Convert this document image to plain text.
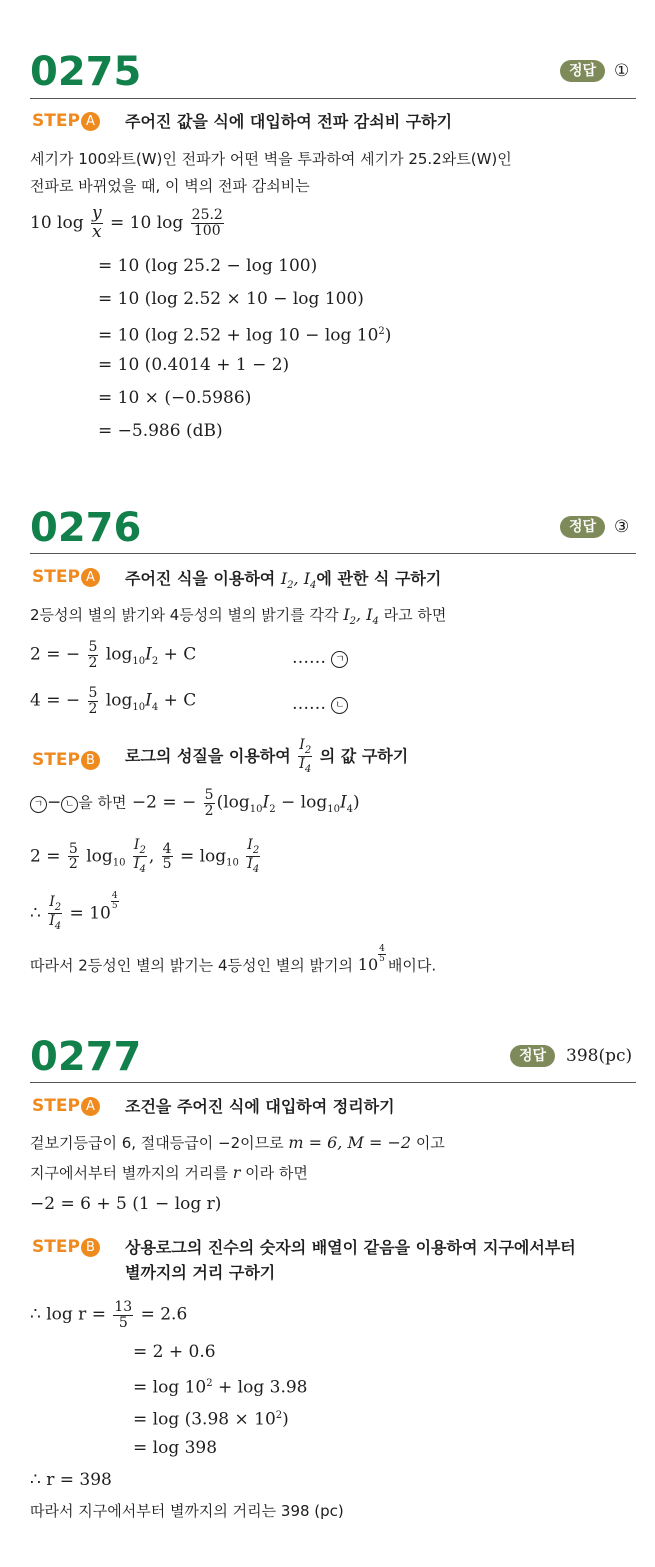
0275	정답	①
STEP A	주어진 값을 식에 대입하여 전파 감쇠비 구하기
세기가 100와트(W)인 전파가 어떤 벽을 투과하여 세기가 25.2와트(W)인
전파로 바뀌었을 때, 이 벽의 전파 감쇠비는
10 $\log \frac{y}{x} = 10$ $\log \frac{25.2}{100}$
= 10 (log 25.2 − log 100)
= 10 (log 2.52 × 10 − log 100)
= 10 (log $2.52 + \log 10 - \log 10^2$)
= 10 (0.4014 + 1 − 2)
= 10 × (−0.5986)
= −5.986 (dB)
0276	정답	③
STEP A	주어진 식을 이용하여 $I_2$, $I_4$에 관한 식 구하기
2등성의 별의 밝기와 4등성의 별의 밝기를 각각 $I_2$, $I_4$ 라고 하면
2 = − $\frac{5}{2} \log_{10}I_2 + C$	…… ㄱ
4 = − $\frac{5}{2} \log_{10}I_4 + C$	…… ㄴ
STEP B	로그의 성질을 이용하여 $\frac{I_2}{I_4}$ 의 값 구하기
ㄱ − ㄴ 을 하면 −2 = − $\frac{5}{2} (\log_{10}I_2 - \log_{10}I_4)$
$2 = \frac{5}{2} \log_{10} \frac{I_2}{I_4}$ , $\frac{4}{5} = \log_{10} \frac{I_2}{I_4}$
∴ $\frac{I_2}{I_4} = 10$
$\frac{4}{5}$
따라서 2등성인 별의 밝기는 4등성인 별의 밝기의 10
$\frac{4}{5}$
배이다.
0277	정답	398(pc)
STEP A	조건을 주어진 식에 대입하여 정리하기
겉보기등급이 6, 절대등급이 −2이므로 m = 6, M = −2 이고
지구에서부터 별까지의 거리를 r 이라 하면
−2 = 6 + 5 (1 − log r)
STEP B	상용로그의 진수의 숫자의 배열이 같음을 이용하여 지구에서부터
별까지의 거리 구하기
∴ $\log r = \frac{13}{5} = 2.6$
= 2 + 0.6
= $\log 10^2 + \log 3.98$
= $\log (3.98 \times 10^2)$
= log 398
∴ r = 398
따라서 지구에서부터 별까지의 거리는 398 (pc)
